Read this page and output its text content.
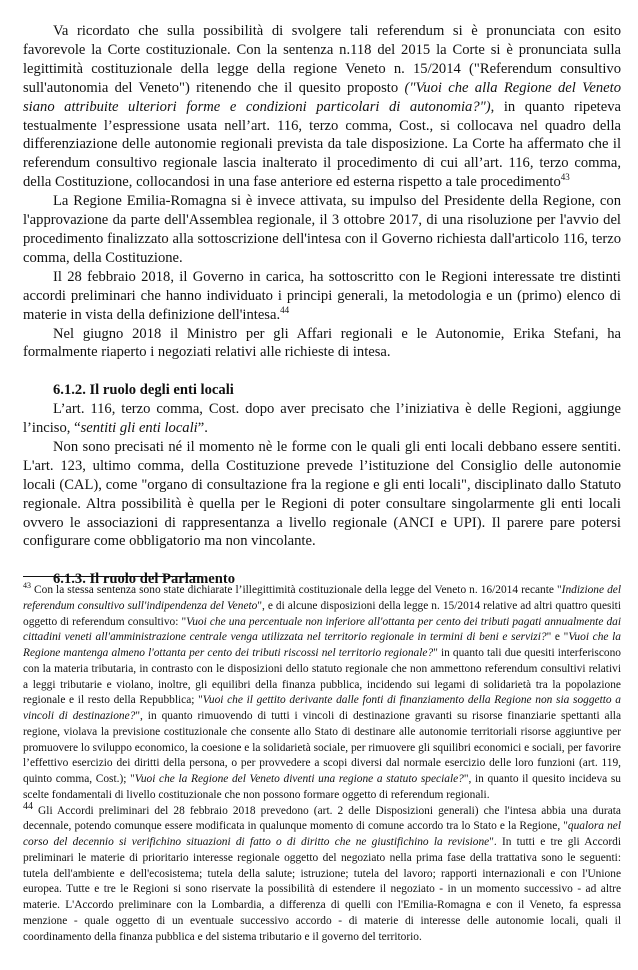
Va ricordato che sulla possibilità di svolgere tali referendum si è pronunciata con esito favorevole la Corte costituzionale. Con la sentenza n.118 del 2015 la Corte si è pronunciata sulla legittimità costituzionale della legge della regione Veneto n. 15/2014 ("Referendum consultivo sull'autonomia del Veneto") ritenendo che il quesito proposto ("Vuoi che alla Regione del Veneto siano attribuite ulteriori forme e condizioni particolari di autonomia?"), in quanto ripeteva testualmente l’espressione usata nell’art. 116, terzo comma, Cost., si collocava nel quadro della differenziazione delle autonomie regionali prevista da tale disposizione. La Corte ha affermato che il referendum consultivo regionale lascia inalterato il procedimento di cui all’art. 116, terzo comma, della Costituzione, collocandosi in una fase anteriore ed esterna rispetto a tale procedimento$^{43}$

La Regione Emilia-Romagna si è invece attivata, su impulso del Presidente della Regione, con l'approvazione da parte dell'Assemblea regionale, il 3 ottobre 2017, di una risoluzione per l'avvio del procedimento finalizzato alla sottoscrizione dell'intesa con il Governo richiesta dall'articolo 116, terzo comma, della Costituzione.

Il 28 febbraio 2018, il Governo in carica, ha sottoscritto con le Regioni interessate tre distinti accordi preliminari che hanno individuato i principi generali, la metodologia e un (primo) elenco di materie in vista della definizione dell'intesa.$^{44}$

Nel giugno 2018 il Ministro per gli Affari regionali e le Autonomie, Erika Stefani, ha formalmente riaperto i negoziati relativi alle richieste di intesa.

6.1.2. Il ruolo degli enti locali

L’art. 116, terzo comma, Cost. dopo aver precisato che l’iniziativa è delle Regioni, aggiunge l’inciso, “sentiti gli enti locali”.

Non sono precisati né il momento nè le forme con le quali gli enti locali debbano essere sentiti. L'art. 123, ultimo comma, della Costituzione prevede l’istituzione del Consiglio delle autonomie locali (CAL), come "organo di consultazione fra la regione e gli enti locali", disciplinato dallo Statuto regionale. Altra possibilità è quella per le Regioni di poter consultare singolarmente gli enti locali ovvero le associazioni di rappresentanza a livello regionale (ANCI e UPI). Il parere pare potersi configurare come obbligatorio ma non vincolante.

6.1.3. Il ruolo del Parlamento

$^{43}$ Con la stessa sentenza sono state dichiarate l’illegittimità costituzionale della legge del Veneto n. 16/2014 recante "Indizione del referendum consultivo sull'indipendenza del Veneto", e di alcune disposizioni della legge n. 15/2014 relative ad altri quattro quesiti oggetto di referendum consultivo: "Vuoi che una percentuale non inferiore all'ottanta per cento dei tributi pagati annualmente dai cittadini veneti all'amministrazione centrale venga utilizzata nel territorio regionale in termini di beni e servizi?" e "Vuoi che la Regione mantenga almeno l'ottanta per cento dei tributi riscossi nel territorio regionale?" in quanto tali due quesiti interferiscono con la materia tributaria, in contrasto con le disposizioni dello statuto regionale che non ammettono referendum consultivi relativi a leggi tributarie e violano, inoltre, gli equilibri della finanza pubblica, incidendo sui legami di solidarietà tra la popolazione regionale e il resto della Repubblica; "Vuoi che il gettito derivante dalle fonti di finanziamento della Regione non sia soggetto a vincoli di destinazione?", in quanto rimuovendo di tutti i vincoli di destinazione gravanti su risorse finanziarie spettanti alla regione, violava la previsione costituzionale che consente allo Stato di destinare alle autonomie territoriali risorse aggiuntive per promuovere lo sviluppo economico, la coesione e la solidarietà sociale, per rimuovere gli squilibri economici e sociali, per favorire l’effettivo esercizio dei diritti della persona, o per provvedere a scopi diversi dal normale esercizio delle loro funzioni (art. 119, quinto comma, Cost.); "Vuoi che la Regione del Veneto diventi una regione a statuto speciale?", in quanto il quesito incideva su scelte fondamentali di livello costituzionale che non possono formare oggetto di referendum regionali.

44 Gli Accordi preliminari del 28 febbraio 2018 prevedono (art. 2 delle Disposizioni generali) che l'intesa abbia una durata decennale, potendo comunque essere modificata in qualunque momento di comune accordo tra lo Stato e la Regione, "qualora nel corso del decennio si verifichino situazioni di fatto o di diritto che ne giustifichino la revisione". In tutti e tre gli Accordi preliminari le materie di prioritario interesse regionale oggetto del negoziato nella prima fase della trattativa sono le seguenti: tutela dell'ambiente e dell'ecosistema; tutela della salute; istruzione; tutela del lavoro; rapporti internazionali e con l'Unione europea. Tutte e tre le Regioni si sono riservate la possibilità di estendere il negoziato - in un momento successivo - ad altre materie. L'Accordo preliminare con la Lombardia, a differenza di quelli con l'Emilia-Romagna e con il Veneto, fa espressa menzione - quale oggetto di un eventuale successivo accordo - di materie di interesse delle autonomie locali, quali il coordinamento della finanza pubblica e del sistema tributario e il governo del territorio.
